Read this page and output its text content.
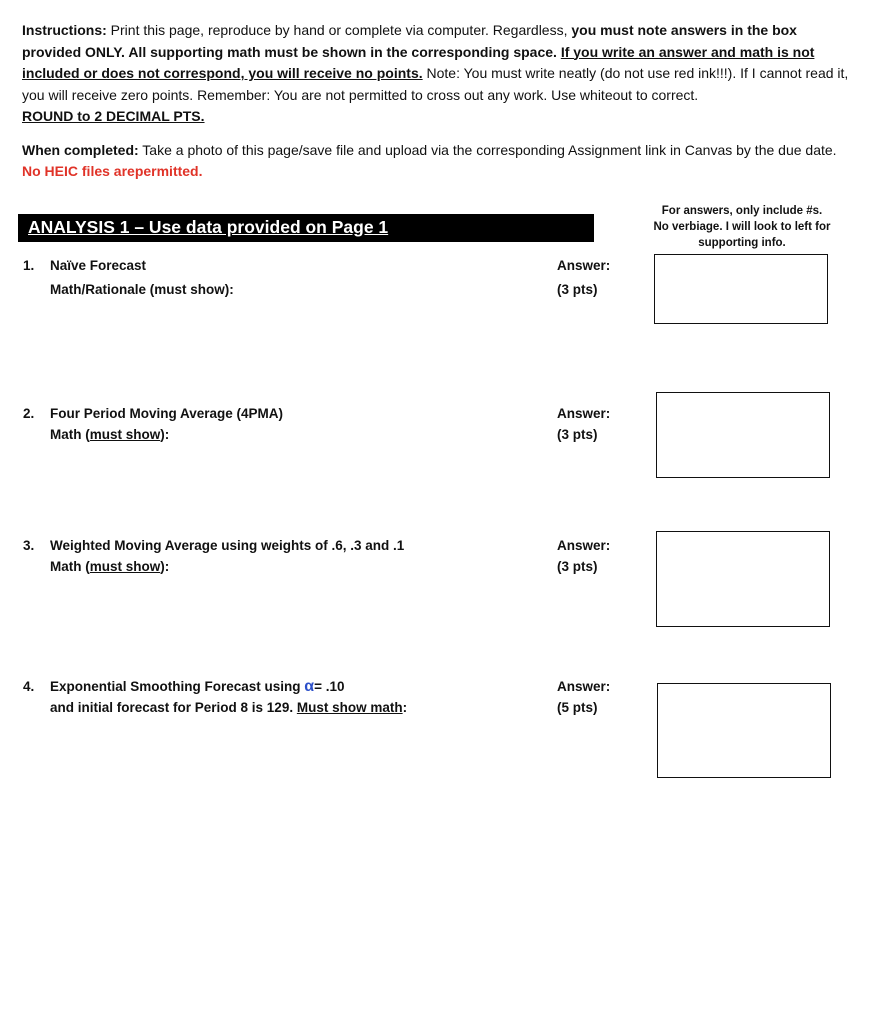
Instructions: Print this page, reproduce by hand or complete via computer. Regardless, you must note answers in the box provided ONLY. All supporting math must be shown in the corresponding space. If you write an answer and math is not included or does not correspond, you will receive no points. Note: You must write neatly (do not use red ink!!!). If I cannot read it, you will receive zero points. Remember: You are not permitted to cross out any work. Use whiteout to correct.
ROUND to 2 DECIMAL PTS.

When completed: Take a photo of this page/save file and upload via the corresponding Assignment link in Canvas by the due date. No HEIC files arepermitted.

For answers, only include #s.
No verbiage. I will look to left for
supporting info.
ANALYSIS 1 – Use data provided on Page 1
1. Naïve Forecast
Math/Rationale (must show):
Answer:
(3 pts)
2. Four Period Moving Average (4PMA)
Math (must show):
Answer:
(3 pts)
3. Weighted Moving Average using weights of .6, .3 and .1
Math (must show):
Answer:
(3 pts)
4. Exponential Smoothing Forecast using α= .10
and initial forecast for Period 8 is 129. Must show math:
Answer:
(5 pts)
